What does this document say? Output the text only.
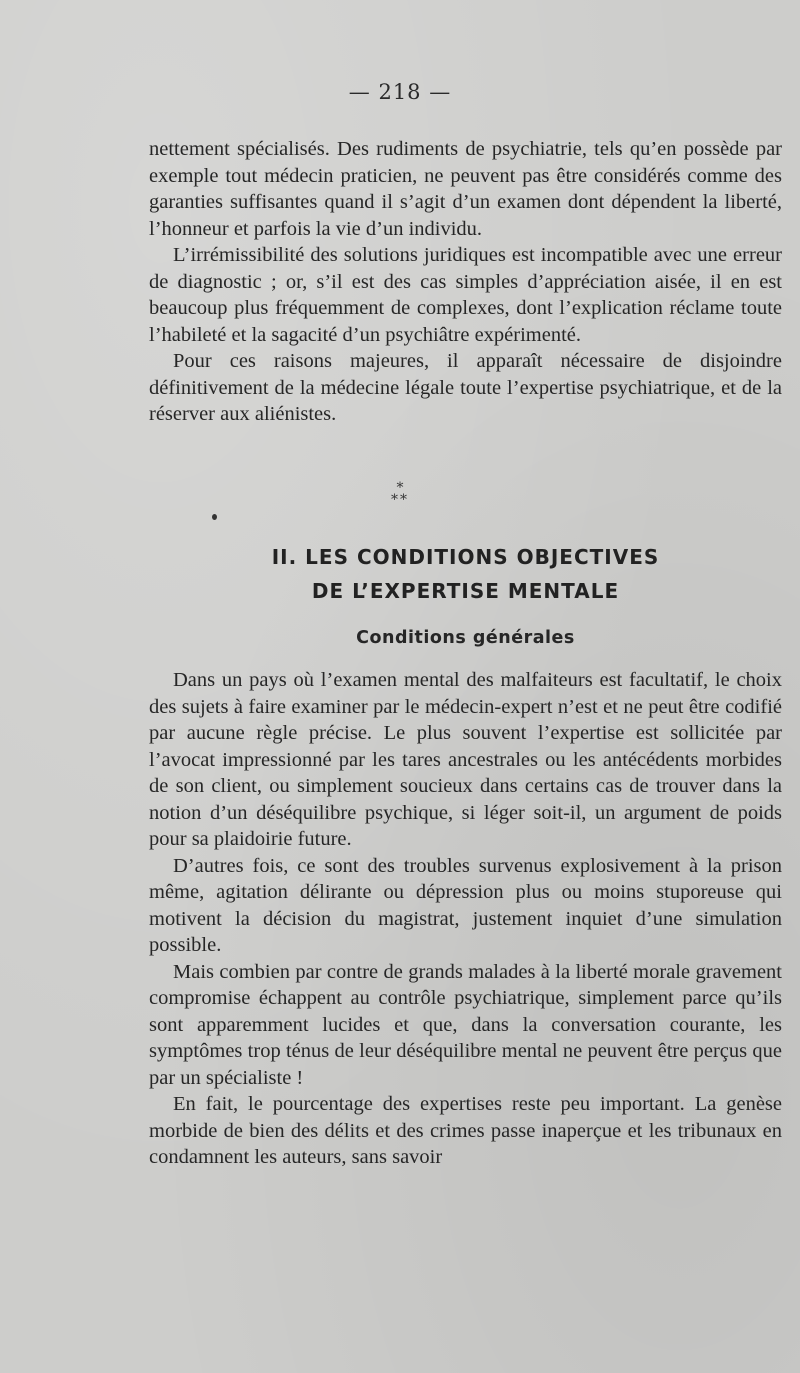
— 218 —

nettement spécialisés. Des rudiments de psychiatrie, tels qu’en possède par exemple tout médecin praticien, ne peuvent pas être considérés comme des garanties suffisantes quand il s’agit d’un examen dont dépendent la liberté, l’honneur et parfois la vie d’un individu.

L’irrémissibilité des solutions juridiques est incompatible avec une erreur de diagnostic ; or, s’il est des cas simples d’appréciation aisée, il en est beaucoup plus fréquemment de complexes, dont l’explication réclame toute l’habileté et la sagacité d’un psychiâtre expérimenté.

Pour ces raisons majeures, il apparaît nécessaire de disjoindre définitivement de la médecine légale toute l’expertise psychiatrique, et de la réserver aux aliénistes.

*
**
II. LES CONDITIONS OBJECTIVES
DE L’EXPERTISE MENTALE
Conditions générales

Dans un pays où l’examen mental des malfaiteurs est facultatif, le choix des sujets à faire examiner par le médecin-expert n’est et ne peut être codifié par aucune règle précise. Le plus souvent l’expertise est sollicitée par l’avocat impressionné par les tares ancestrales ou les antécédents morbides de son client, ou simplement soucieux dans certains cas de trouver dans la notion d’un déséquilibre psychique, si léger soit-il, un argument de poids pour sa plaidoirie future.

D’autres fois, ce sont des troubles survenus explosivement à la prison même, agitation délirante ou dépression plus ou moins stuporeuse qui motivent la décision du magistrat, justement inquiet d’une simulation possible.

Mais combien par contre de grands malades à la liberté morale gravement compromise échappent au contrôle psychiatrique, simplement parce qu’ils sont apparemment lucides et que, dans la conversation courante, les symptômes trop ténus de leur déséquilibre mental ne peuvent être perçus que par un spécialiste !

En fait, le pourcentage des expertises reste peu important. La genèse morbide de bien des délits et des crimes passe inaperçue et les tribunaux en condamnent les auteurs, sans savoir
